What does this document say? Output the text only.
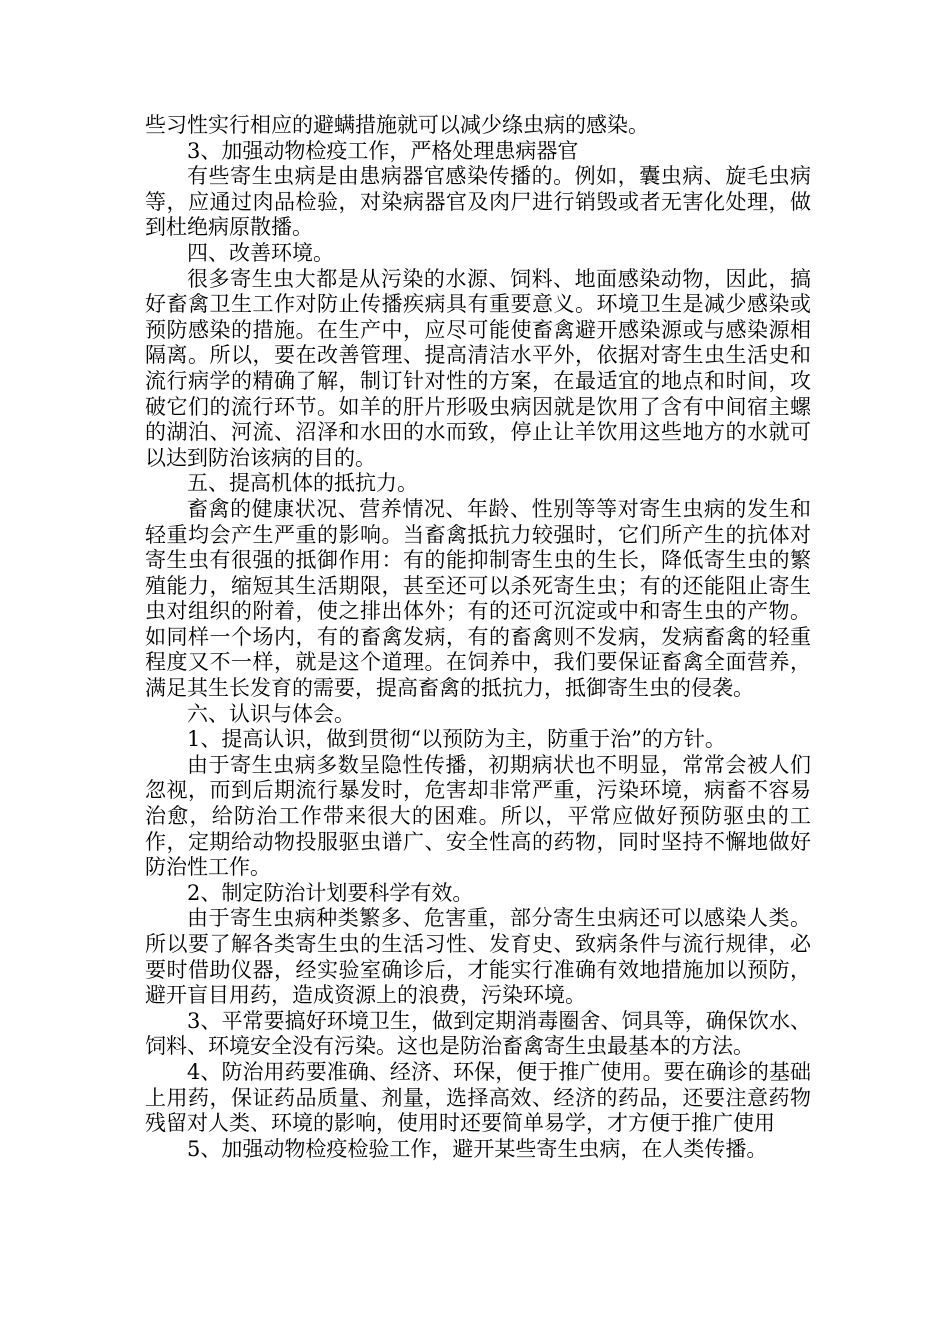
些习性实行相应的避螨措施就可以减少绦虫病的感染。

3、加强动物检疫工作，严格处理患病器官

有些寄生虫病是由患病器官感染传播的。例如，囊虫病、旋毛虫病等，应通过肉品检验，对染病器官及肉尸进行销毁或者无害化处理，做到杜绝病原散播。

四、改善环境。

很多寄生虫大都是从污染的水源、饲料、地面感染动物，因此，搞好畜禽卫生工作对防止传播疾病具有重要意义。环境卫生是减少感染或预防感染的措施。在生产中，应尽可能使畜禽避开感染源或与感染源相隔离。所以，要在改善管理、提高清洁水平外，依据对寄生虫生活史和流行病学的精确了解，制订针对性的方案，在最适宜的地点和时间，攻破它们的流行环节。如羊的肝片形吸虫病因就是饮用了含有中间宿主螺的湖泊、河流、沼泽和水田的水而致，停止让羊饮用这些地方的水就可以达到防治该病的目的。

五、提高机体的抵抗力。

畜禽的健康状况、营养情况、年龄、性别等等对寄生虫病的发生和轻重均会产生严重的影响。当畜禽抵抗力较强时，它们所产生的抗体对寄生虫有很强的抵御作用：有的能抑制寄生虫的生长，降低寄生虫的繁殖能力，缩短其生活期限，甚至还可以杀死寄生虫；有的还能阻止寄生虫对组织的附着，使之排出体外；有的还可沉淀或中和寄生虫的产物。如同样一个场内，有的畜禽发病，有的畜禽则不发病，发病畜禽的轻重程度又不一样，就是这个道理。在饲养中，我们要保证畜禽全面营养，满足其生长发育的需要，提高畜禽的抵抗力，抵御寄生虫的侵袭。

六、认识与体会。

1、提高认识，做到贯彻“以预防为主，防重于治”的方针。

由于寄生虫病多数呈隐性传播，初期病状也不明显，常常会被人们忽视，而到后期流行暴发时，危害却非常严重，污染环境，病畜不容易治愈，给防治工作带来很大的困难。所以，平常应做好预防驱虫的工作，定期给动物投服驱虫谱广、安全性高的药物，同时坚持不懈地做好防治性工作。

2、制定防治计划要科学有效。

由于寄生虫病种类繁多、危害重，部分寄生虫病还可以感染人类。所以要了解各类寄生虫的生活习性、发育史、致病条件与流行规律，必要时借助仪器，经实验室确诊后，才能实行准确有效地措施加以预防，避开盲目用药，造成资源上的浪费，污染环境。

3、平常要搞好环境卫生，做到定期消毒圈舍、饲具等，确保饮水、饲料、环境安全没有污染。这也是防治畜禽寄生虫最基本的方法。

4、防治用药要准确、经济、环保，便于推广使用。要在确诊的基础上用药，保证药品质量、剂量，选择高效、经济的药品，还要注意药物残留对人类、环境的影响，使用时还要简单易学，才方便于推广使用

5、加强动物检疫检验工作，避开某些寄生虫病，在人类传播。
